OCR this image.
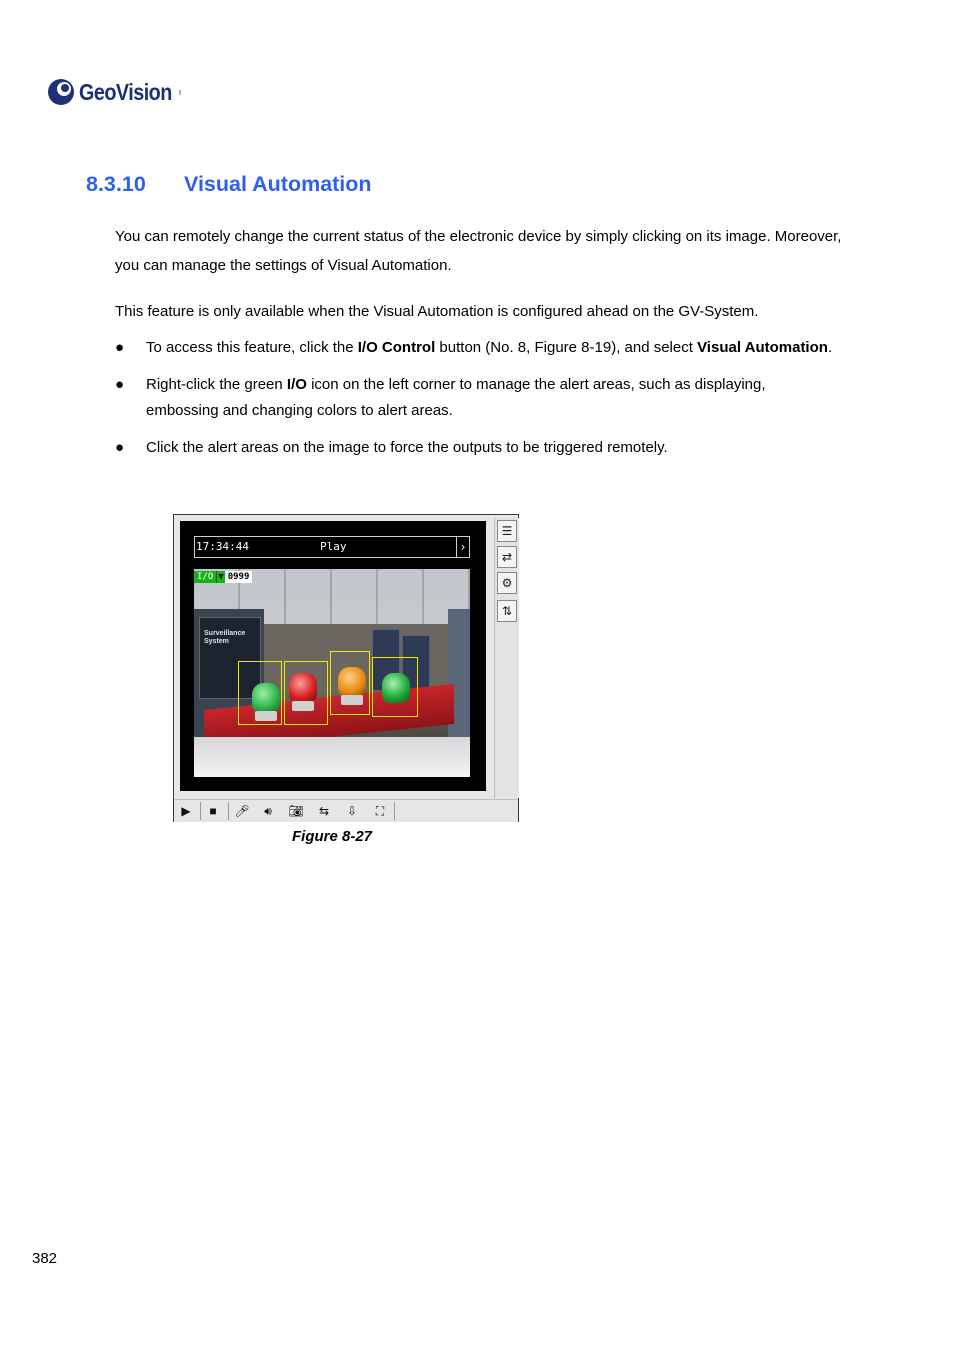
GeoVision inc
8.3.10 Visual Automation

You can remotely change the current status of the electronic device by simply clicking on its image. Moreover, you can manage the settings of Visual Automation.

This feature is only available when the Visual Automation is configured ahead on the GV-System.

● To access this feature, click the I/O Control button (No. 8, Figure 8-19), and select Visual Automation.
● Right-click the green I/O icon on the left corner to manage the alert areas, such as displaying, embossing and changing colors to alert areas.
● Click the alert areas on the image to force the outputs to be triggered remotely.
17:34:44	Play	›
Surveillance System
I/O ▼ 0999
☰
⇄
⚙
⇅
▶	■	🎤︎	🔊︎	📷︎	⇆	⇩	⛶

Figure 8-27

382
